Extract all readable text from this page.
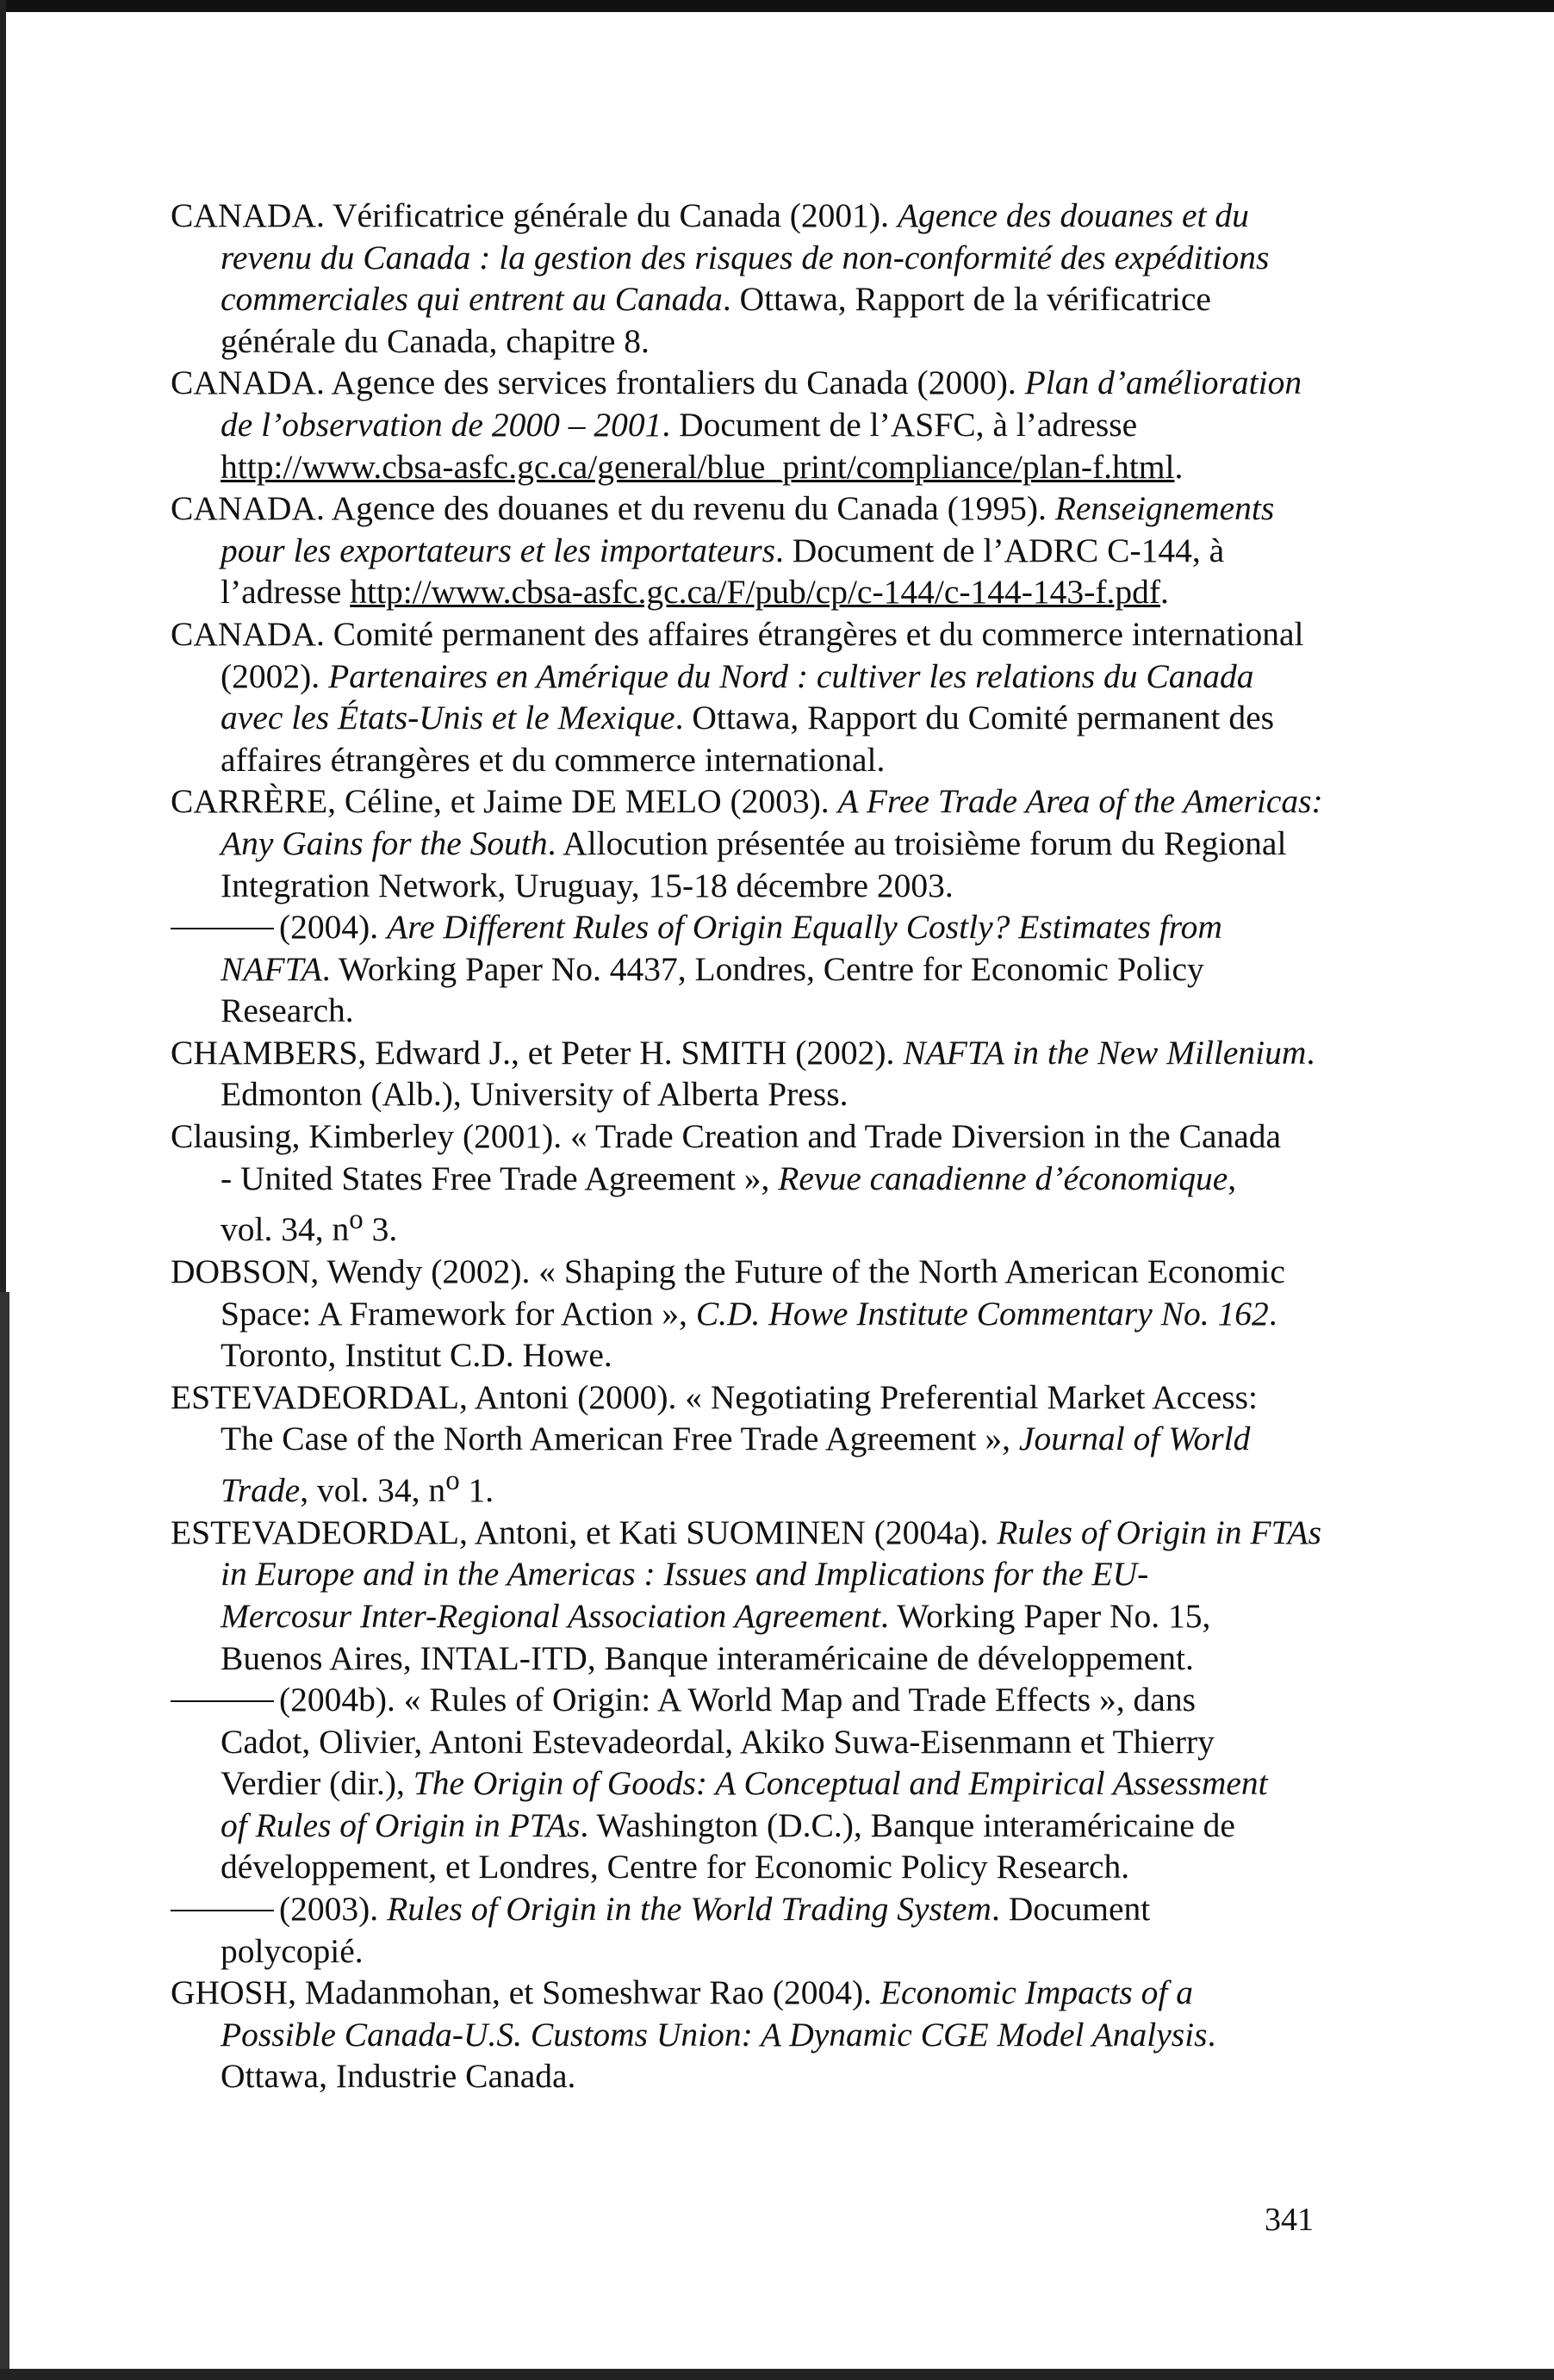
CANADA. Vérificatrice générale du Canada (2001). Agence des douanes et du
revenu du Canada : la gestion des risques de non-conformité des expéditions
commerciales qui entrent au Canada. Ottawa, Rapport de la vérificatrice
générale du Canada, chapitre 8.

CANADA. Agence des services frontaliers du Canada (2000). Plan d’amélioration
de l’observation de 2000 – 2001. Document de l’ASFC, à l’adresse
http://www.cbsa-asfc.gc.ca/general/blue_print/compliance/plan-f.html.

CANADA. Agence des douanes et du revenu du Canada (1995). Renseignements
pour les exportateurs et les importateurs. Document de l’ADRC C-144, à
l’adresse http://www.cbsa-asfc.gc.ca/F/pub/cp/c-144/c-144-143-f.pdf.

CANADA. Comité permanent des affaires étrangères et du commerce international
(2002). Partenaires en Amérique du Nord : cultiver les relations du Canada
avec les États-Unis et le Mexique. Ottawa, Rapport du Comité permanent des
affaires étrangères et du commerce international.

CARRÈRE, Céline, et Jaime DE MELO (2003). A Free Trade Area of the Americas:
Any Gains for the South. Allocution présentée au troisième forum du Regional
Integration Network, Uruguay, 15-18 décembre 2003.

(2004). Are Different Rules of Origin Equally Costly? Estimates from
NAFTA. Working Paper No. 4437, Londres, Centre for Economic Policy
Research.

CHAMBERS, Edward J., et Peter H. SMITH (2002). NAFTA in the New Millenium.
Edmonton (Alb.), University of Alberta Press.

Clausing, Kimberley (2001). « Trade Creation and Trade Diversion in the Canada
- United States Free Trade Agreement », Revue canadienne d’économique,
vol. 34, $n^o$ 3.

DOBSON, Wendy (2002). « Shaping the Future of the North American Economic
Space: A Framework for Action », C.D. Howe Institute Commentary No. 162.
Toronto, Institut C.D. Howe.

ESTEVADEORDAL, Antoni (2000). « Negotiating Preferential Market Access:
The Case of the North American Free Trade Agreement », Journal of World
Trade, vol. 34, $n^o$ 1.

ESTEVADEORDAL, Antoni, et Kati SUOMINEN (2004a). Rules of Origin in FTAs
in Europe and in the Americas : Issues and Implications for the EU-
Mercosur Inter-Regional Association Agreement. Working Paper No. 15,
Buenos Aires, INTAL-ITD, Banque interaméricaine de développement.

(2004b). « Rules of Origin: A World Map and Trade Effects », dans
Cadot, Olivier, Antoni Estevadeordal, Akiko Suwa-Eisenmann et Thierry
Verdier (dir.), The Origin of Goods: A Conceptual and Empirical Assessment
of Rules of Origin in PTAs. Washington (D.C.), Banque interaméricaine de
développement, et Londres, Centre for Economic Policy Research.

(2003). Rules of Origin in the World Trading System. Document
polycopié.

GHOSH, Madanmohan, et Someshwar Rao (2004). Economic Impacts of a
Possible Canada-U.S. Customs Union: A Dynamic CGE Model Analysis.
Ottawa, Industrie Canada.

341
